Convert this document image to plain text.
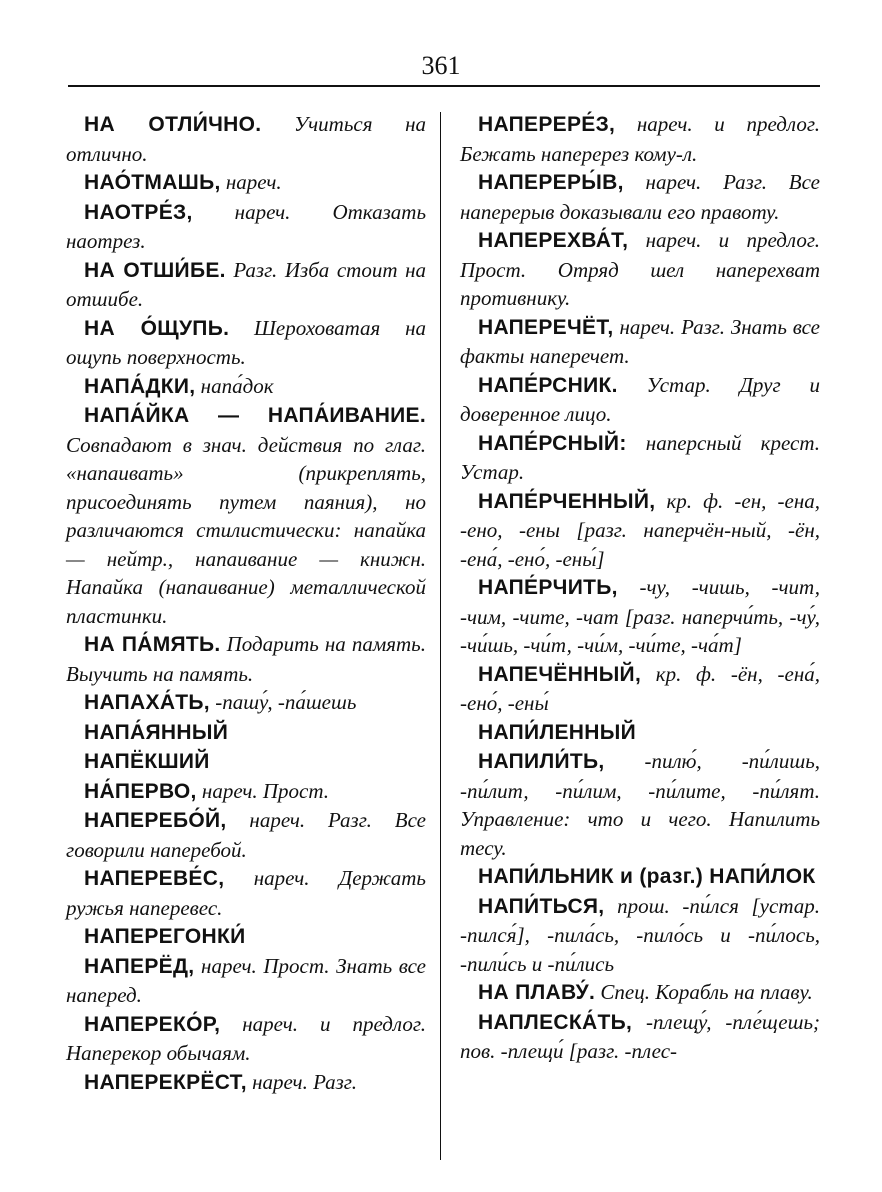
361
НА ОТЛИ́ЧНО. Учиться на отлично.
НАО́ТМАШЬ, нареч.
НАОТРЕ́З, нареч. Отказать наотрез.
НА ОТШИ́БЕ. Разг. Изба стоит на отшибе.
НА О́ЩУПЬ. Шероховатая на ощупь поверхность.
НАПА́ДКИ, напа́док
НАПА́ЙКА — НАПА́ИВАНИЕ. Совпадают в знач. действия по глаг. «напаивать» (прикреплять, присоединять путем паяния), но различаются стилистически: напайка — нейтр., напаивание — книжн. Напайка (напаивание) металлической пластинки.
НА ПА́МЯТЬ. Подарить на память. Выучить на память.
НАПАХА́ТЬ, -пашу́, -па́шешь
НАПА́ЯННЫЙ
НАПЁКШИЙ
НА́ПЕРВО, нареч. Прост.
НАПЕРЕБО́Й, нареч. Разг. Все говорили наперебой.
НАПЕРЕВЕ́С, нареч. Держать ружья наперевес.
НАПЕРЕГОНКИ́
НАПЕРЁД, нареч. Прост. Знать все наперед.
НАПЕРЕКО́Р, нареч. и предлог. Наперекор обычаям.
НАПЕРЕКРЁСТ, нареч. Разг.
НАПЕРЕРЕ́З, нареч. и предлог. Бежать наперерез кому-л.
НАПЕРЕРЫ́В, нареч. Разг. Все наперерыв доказывали его правоту.
НАПЕРЕХВА́Т, нареч. и предлог. Прост. Отряд шел наперехват противнику.
НАПЕРЕЧЁТ, нареч. Разг. Знать все факты наперечет.
НАПЕ́РСНИК. Устар. Друг и доверенное лицо.
НАПЕ́РСНЫЙ: наперсный крест. Устар.
НАПЕ́РЧЕННЫЙ, кр. ф. -ен, -ена, -ено, -ены [разг. наперчён-ный, -ён, -ена́, -ено́, -ены́]
НАПЕ́РЧИТЬ, -чу, -чишь, -чит, -чим, -чите, -чат [разг. наперчи́ть, -чу́, -чи́шь, -чи́т, -чи́м, -чи́те, -ча́т]
НАПЕЧЁННЫЙ, кр. ф. -ён, -ена́, -ено́, -ены́
НАПИ́ЛЕННЫЙ
НАПИЛИ́ТЬ, -пилю́, -пи́лишь, -пи́лит, -пи́лим, -пи́лите, -пи́лят. Управление: что и чего. Напилить тесу.
НАПИ́ЛЬНИК и (разг.) НАПИ́ЛОК
НАПИ́ТЬСЯ, прош. -пи́лся [устар. -пился́], -пила́сь, -пило́сь и -пи́лось, -пили́сь и -пи́лись
НА ПЛАВУ́. Спец. Корабль на плаву.
НАПЛЕСКА́ТЬ, -плещу́, -пле́щешь; пов. -плещи́ [разг. -плес-
